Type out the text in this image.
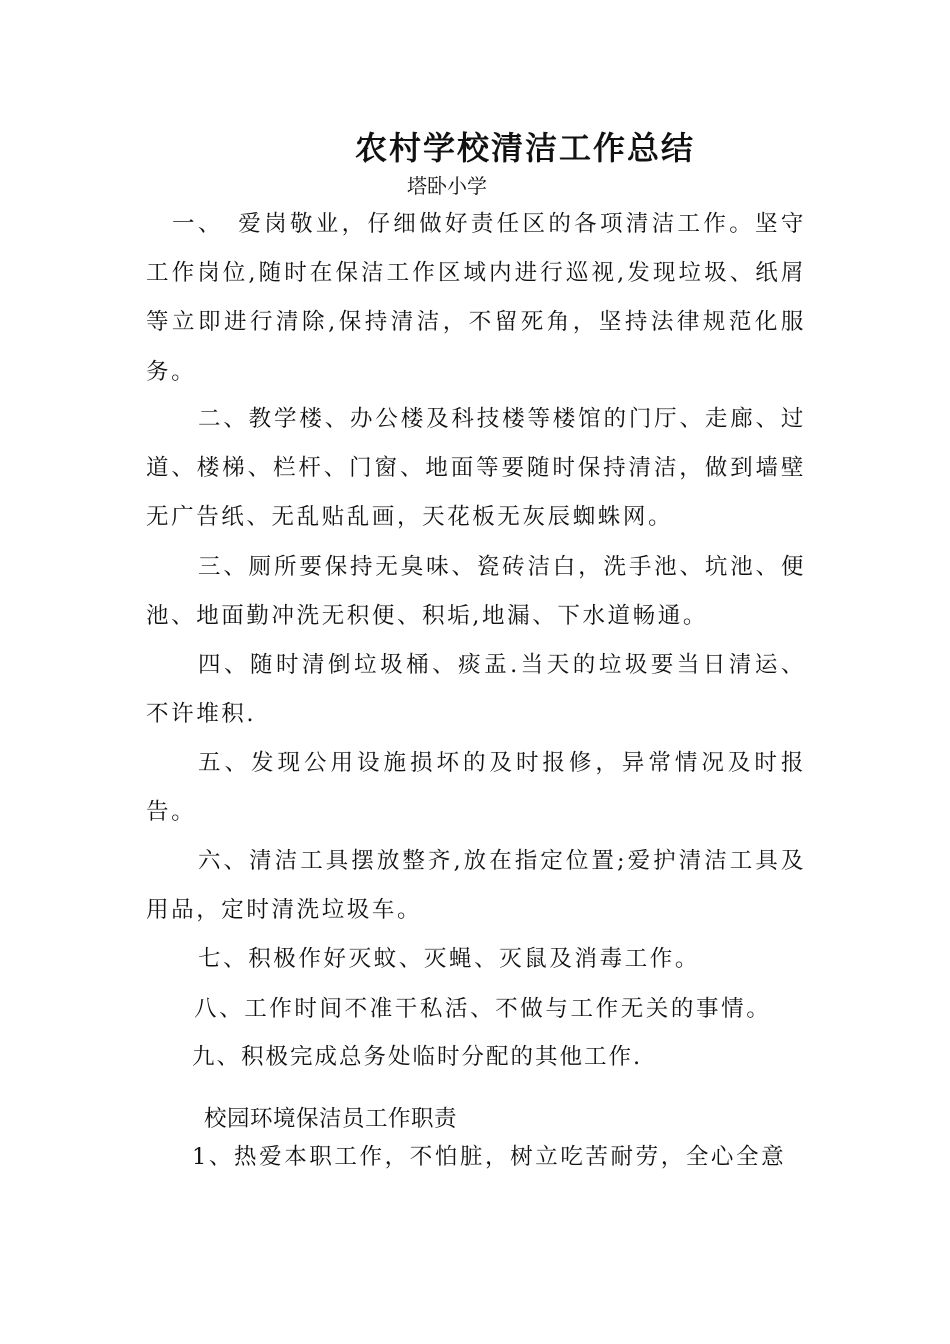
农村学校清洁工作总结
塔卧小学

一、　爱岗敬业，仔细做好责任区的各项清洁工作。坚守工作岗位,随时在保洁工作区域内进行巡视,发现垃圾、纸屑等立即进行清除,保持清洁，不留死角，坚持法律规范化服务。

二、教学楼、办公楼及科技楼等楼馆的门厅、走廊、过道、楼梯、栏杆、门窗、地面等要随时保持清洁，做到墙壁无广告纸、无乱贴乱画，天花板无灰辰蜘蛛网。

三、厕所要保持无臭味、瓷砖洁白，洗手池、坑池、便池、地面勤冲洗无积便、积垢,地漏、下水道畅通。

四、随时清倒垃圾桶、痰盂.当天的垃圾要当日清运、不许堆积.

五、发现公用设施损坏的及时报修，异常情况及时报告。

六、清洁工具摆放整齐,放在指定位置;爱护清洁工具及用品，定时清洗垃圾车。

七、积极作好灭蚊、灭蝇、灭鼠及消毒工作。

八、工作时间不准干私活、不做与工作无关的事情。

九、积极完成总务处临时分配的其他工作.

校园环境保洁员工作职责

1、热爱本职工作，不怕脏，树立吃苦耐劳，全心全意
